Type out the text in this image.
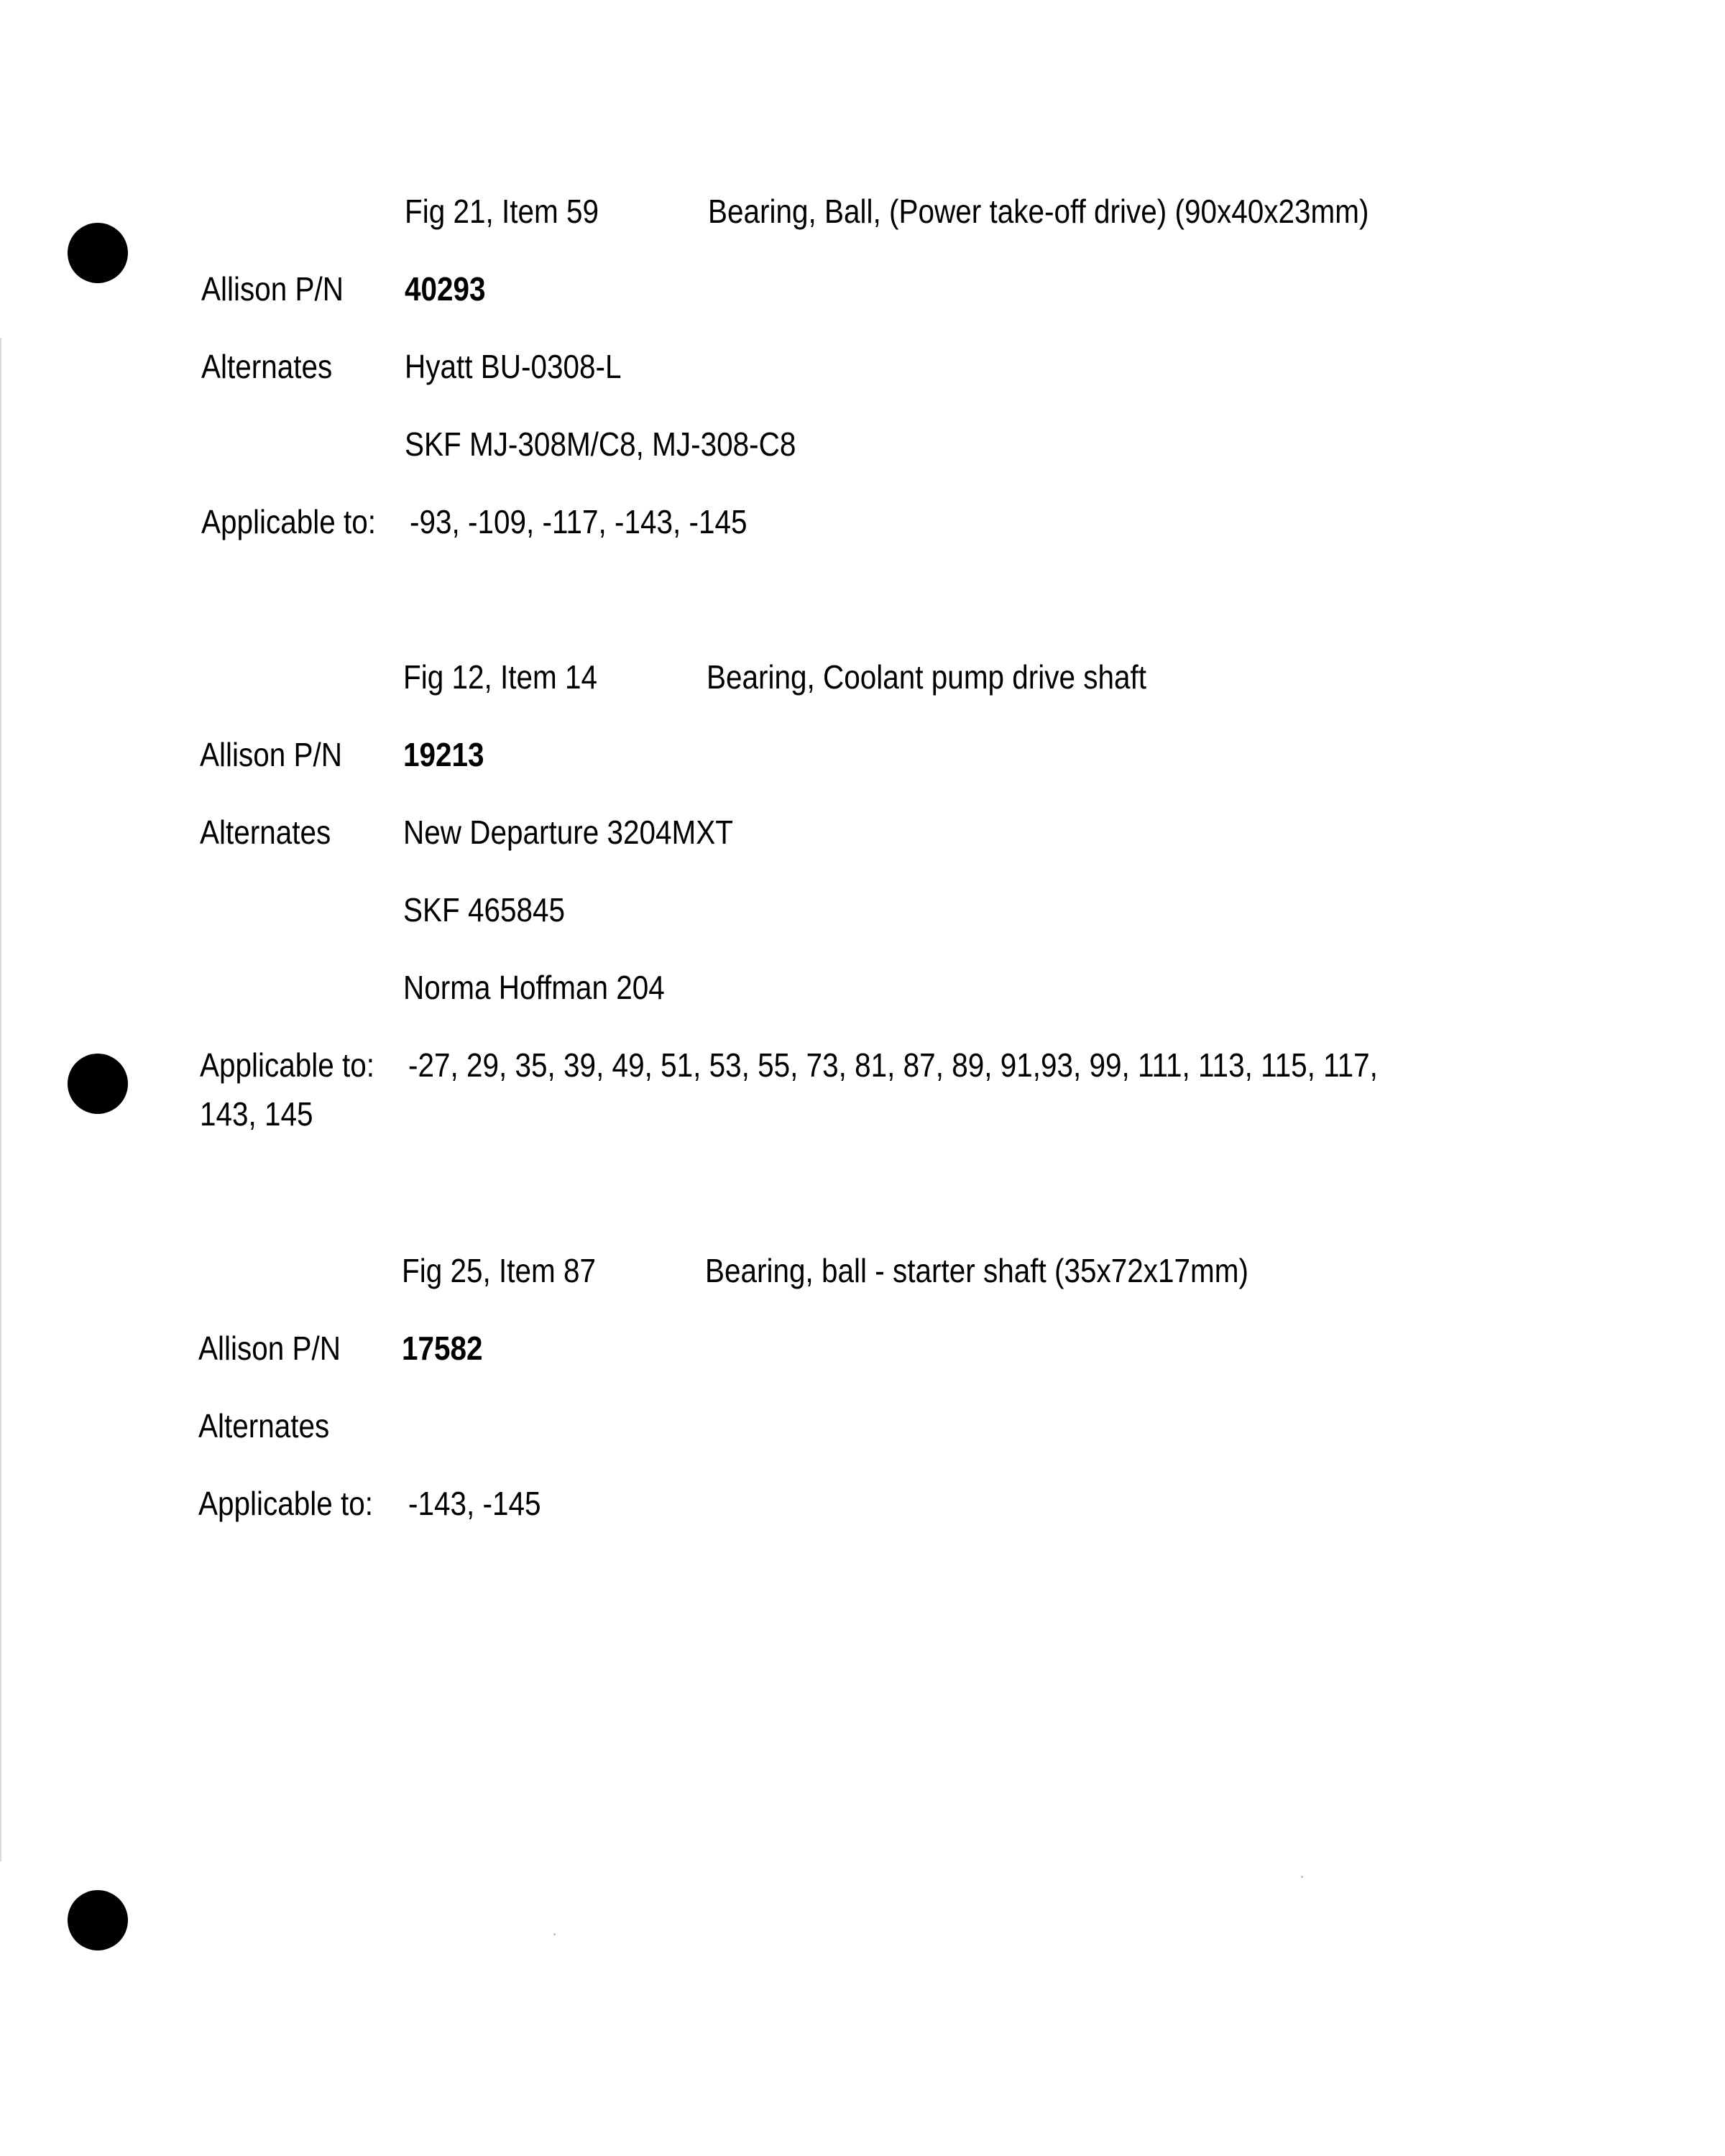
Fig 21, Item 59	Bearing, Ball, (Power take-off drive) (90x40x23mm)
Allison P/N 40293
Alternates Hyatt BU-0308-L
SKF MJ-308M/C8, MJ-308-C8
Applicable to: -93, -109, -117, -143, -145
Fig 12, Item 14	Bearing, Coolant pump drive shaft
Allison P/N 19213
Alternates New Departure 3204MXT
SKF 465845
Norma Hoffman 204
Applicable to: -27, 29, 35, 39, 49, 51, 53, 55, 73, 81, 87, 89, 91,93, 99, 111, 113, 115, 117,
143, 145
Fig 25, Item 87	Bearing, ball - starter shaft (35x72x17mm)
Allison P/N 17582
Alternates
Applicable to: -143, -145
